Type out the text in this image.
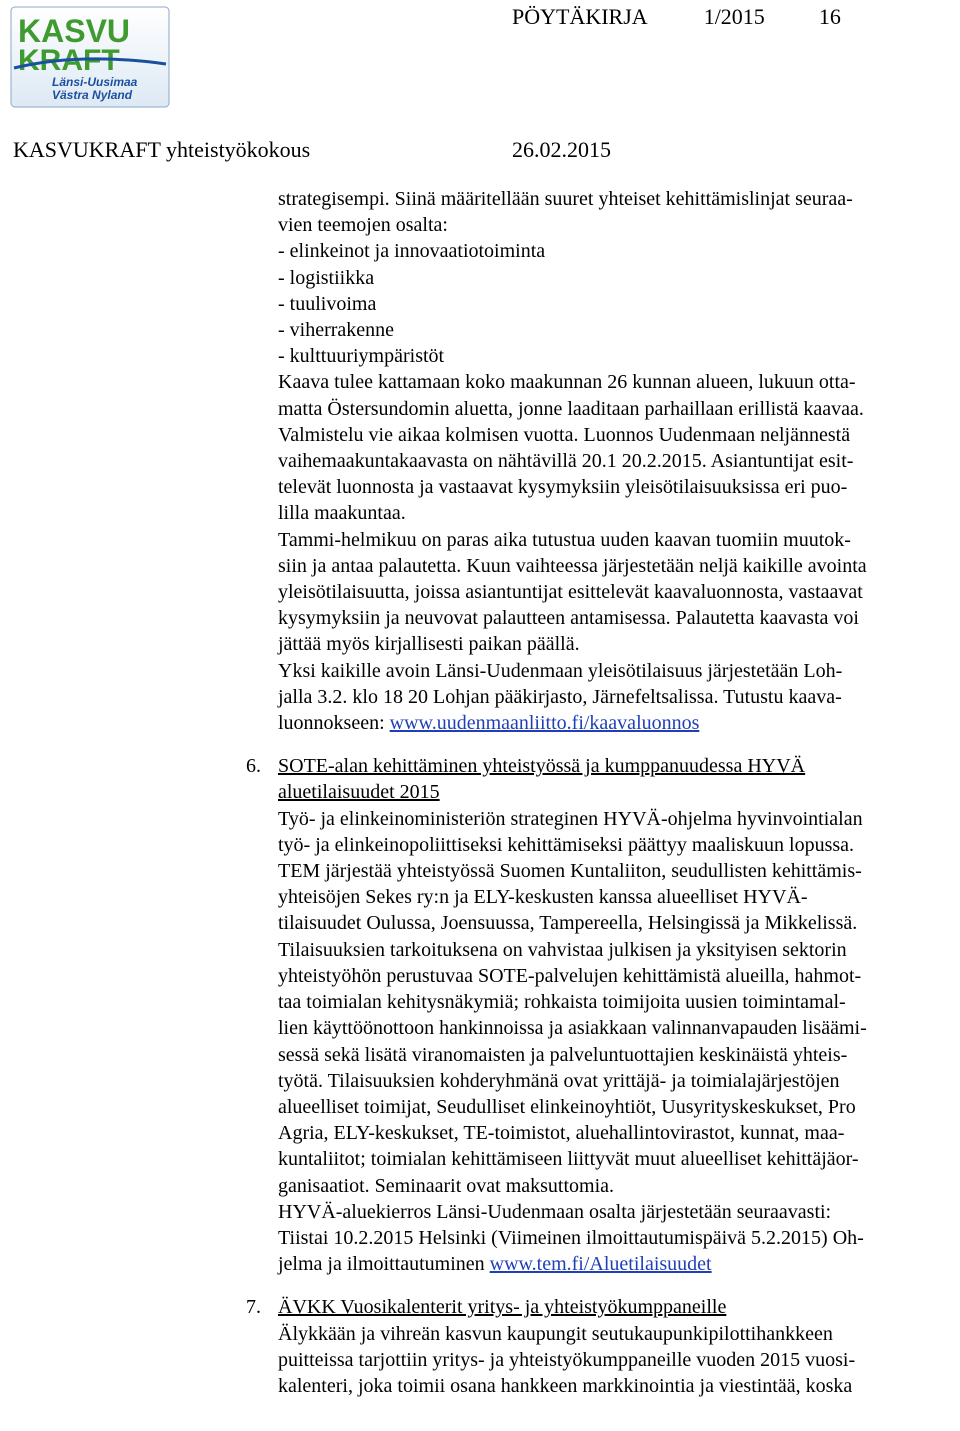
KASVU
KRAFT
Länsi-Uusimaa
Västra Nyland
PÖYTÄKIRJA	1/2015 16
KASVUKRAFT yhteistyökokous	26.02.2015

strategisempi. Siinä määritellään suuret yhteiset kehittämislinjat seuraa-

vien teemojen osalta:

- elinkeinot ja innovaatiotoiminta

- logistiikka

- tuulivoima

- viherrakenne

- kulttuuriympäristöt

Kaava tulee kattamaan koko maakunnan 26 kunnan alueen, lukuun otta-

matta Östersundomin aluetta, jonne laaditaan parhaillaan erillistä kaavaa.

Valmistelu vie aikaa kolmisen vuotta. Luonnos Uudenmaan neljännestä

vaihemaakuntakaavasta on nähtävillä 20.1 20.2.2015. Asiantuntijat esit-

televät luonnosta ja vastaavat kysymyksiin yleisötilaisuuksissa eri puo-

lilla maakuntaa.

Tammi-helmikuu on paras aika tutustua uuden kaavan tuomiin muutok-

siin ja antaa palautetta. Kuun vaihteessa järjestetään neljä kaikille avointa

yleisötilaisuutta, joissa asiantuntijat esittelevät kaavaluonnosta, vastaavat

kysymyksiin ja neuvovat palautteen antamisessa. Palautetta kaavasta voi

jättää myös kirjallisesti paikan päällä.

Yksi kaikille avoin Länsi-Uudenmaan yleisötilaisuus järjestetään Loh-

jalla 3.2. klo 18 20 Lohjan pääkirjasto, Järnefeltsalissa. Tutustu kaava-

luonnokseen: www.uudenmaanliitto.fi/kaavaluonnos

6. SOTE-alan kehittäminen yhteistyössä ja kumppanuudessa HYVÄ

aluetilaisuudet 2015

Työ- ja elinkeinoministeriön strateginen HYVÄ-ohjelma hyvinvointialan

työ- ja elinkeinopoliittiseksi kehittämiseksi päättyy maaliskuun lopussa.

TEM järjestää yhteistyössä Suomen Kuntaliiton, seudullisten kehittämis-

yhteisöjen Sekes ry:n ja ELY-keskusten kanssa alueelliset HYVÄ-

tilaisuudet Oulussa, Joensuussa, Tampereella, Helsingissä ja Mikkelissä.

Tilaisuuksien tarkoituksena on vahvistaa julkisen ja yksityisen sektorin

yhteistyöhön perustuvaa SOTE-palvelujen kehittämistä alueilla, hahmot-

taa toimialan kehitysnäkymiä; rohkaista toimijoita uusien toimintamal-

lien käyttöönottoon hankinnoissa ja asiakkaan valinnanvapauden lisäämi-

sessä sekä lisätä viranomaisten ja palveluntuottajien keskinäistä yhteis-

työtä. Tilaisuuksien kohderyhmänä ovat yrittäjä- ja toimialajärjestöjen

alueelliset toimijat, Seudulliset elinkeinoyhtiöt, Uusyrityskeskukset, Pro

Agria, ELY-keskukset, TE-toimistot, aluehallintovirastot, kunnat, maa-

kuntaliitot; toimialan kehittämiseen liittyvät muut alueelliset kehittäjäor-

ganisaatiot. Seminaarit ovat maksuttomia.

HYVÄ-aluekierros Länsi-Uudenmaan osalta järjestetään seuraavasti:

Tiistai 10.2.2015 Helsinki (Viimeinen ilmoittautumispäivä 5.2.2015) Oh-

jelma ja ilmoittautuminen www.tem.fi/Aluetilaisuudet

7. ÄVKK Vuosikalenterit yritys- ja yhteistyökumppaneille

Älykkään ja vihreän kasvun kaupungit seutukaupunkipilottihankkeen

puitteissa tarjottiin yritys- ja yhteistyökumppaneille vuoden 2015 vuosi-

kalenteri, joka toimii osana hankkeen markkinointia ja viestintää, koska
